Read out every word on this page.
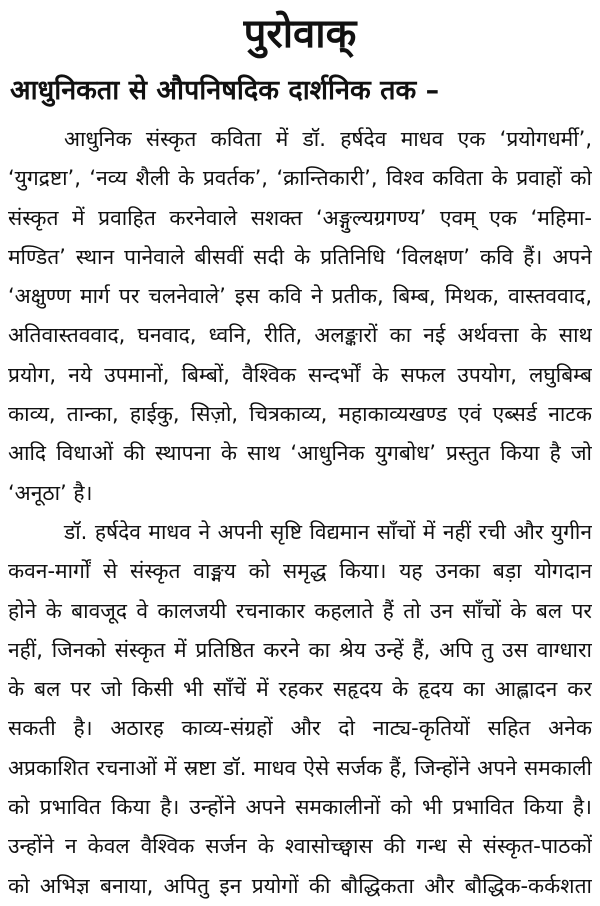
पुरोवाक्
आधुनिकता से औपनिषदिक दार्शनिक तक –
आधुनिक संस्कृत कविता में डॉ. हर्षदेव माधव एक ‘प्रयोगधर्मी’,
‘युगद्रष्टा’, ‘नव्य शैली के प्रवर्तक’, ‘क्रान्तिकारी’, विश्व कविता के प्रवाहों को
संस्कृत में प्रवाहित करनेवाले सशक्त ‘अङ्गुल्यग्रगण्य’ एवम् एक ‘महिमा-
मण्डित’ स्थान पानेवाले बीसवीं सदी के प्रतिनिधि ‘विलक्षण’ कवि हैं। अपने
‘अक्षुण्ण मार्ग पर चलनेवाले’ इस कवि ने प्रतीक, बिम्ब, मिथक, वास्तववाद,
अतिवास्तववाद, घनवाद, ध्वनि, रीति, अलङ्कारों का नई अर्थवत्ता के साथ
प्रयोग, नये उपमानों, बिम्बों, वैश्विक सन्दर्भों के सफल उपयोग, लघुबिम्ब
काव्य, तान्का, हाईकु, सिज़ो, चित्रकाव्य, महाकाव्यखण्ड एवं एब्सर्ड नाटक
आदि विधाओं की स्थापना के साथ ‘आधुनिक युगबोध’ प्रस्तुत किया है जो
‘अनूठा’ है।
डॉ. हर्षदेव माधव ने अपनी सृष्टि विद्यमान साँचों में नहीं रची और युगीन
कवन-मार्गों से संस्कृत वाङ्मय को समृद्ध किया। यह उनका बड़ा योगदान
होने के बावजूद वे कालजयी रचनाकार कहलाते हैं तो उन साँचों के बल पर
नहीं, जिनको संस्कृत में प्रतिष्ठित करने का श्रेय उन्हें हैं, अपि तु उस वाग्धारा
के बल पर जो किसी भी साँचें में रहकर सहृदय के हृदय का आह्लादन कर
सकती है। अठारह काव्य-संग्रहों और दो नाट्य-कृतियों सहित अनेक
अप्रकाशित रचनाओं में स्रष्टा डॉ. माधव ऐसे सर्जक हैं, जिन्होंने अपने समकाली
को प्रभावित किया है। उन्होंने अपने समकालीनों को भी प्रभावित किया है।
उन्होंने न केवल वैश्विक सर्जन के श्वासोच्छ्वास की गन्ध से संस्कृत-पाठकों
को अभिज्ञ बनाया, अपितु इन प्रयोगों की बौद्धिकता और बौद्धिक-कर्कशता
